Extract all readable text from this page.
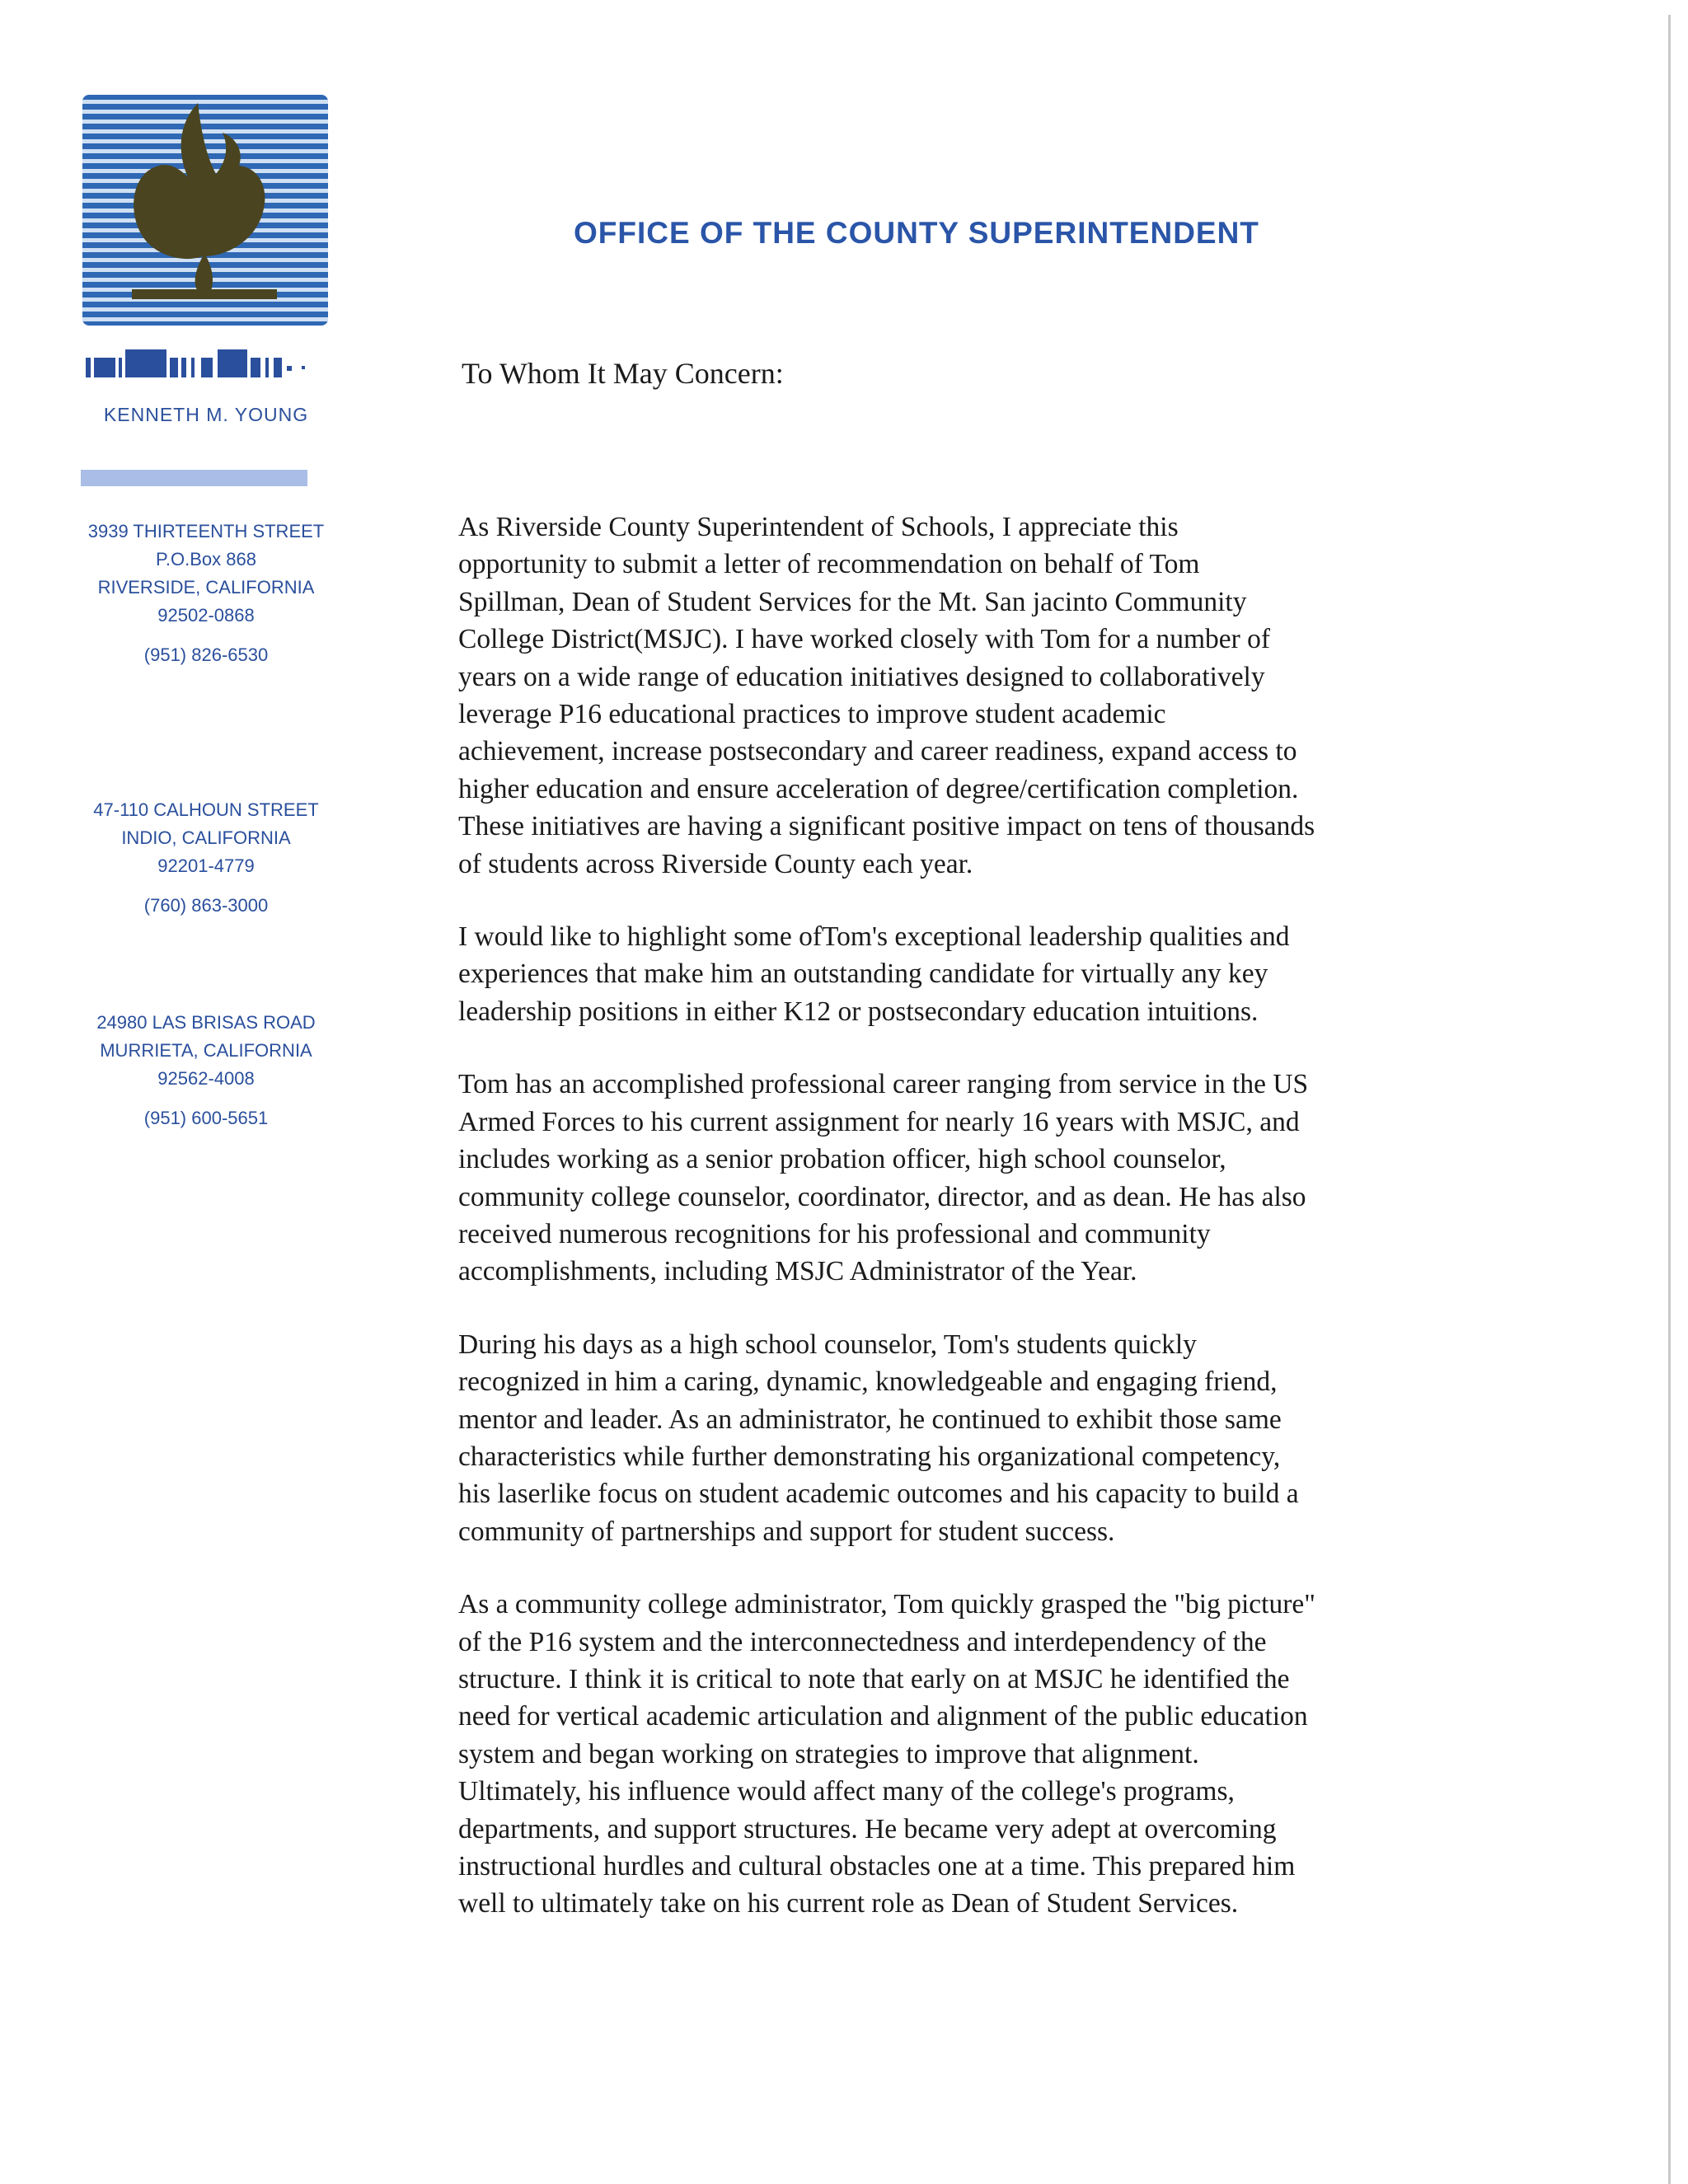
KENNETH M. YOUNG
3939 THIRTEENTH STREET
P.O.Box 868
RIVERSIDE, CALIFORNIA
92502-0868
(951) 826-6530
47-110 CALHOUN STREET
INDIO, CALIFORNIA
92201-4779
(760) 863-3000
24980 LAS BRISAS ROAD
MURRIETA, CALIFORNIA
92562-4008
(951) 600-5651
OFFICE OF THE COUNTY SUPERINTENDENT
To Whom It May Concern:

As Riverside County Superintendent of Schools, I appreciate this
opportunity to submit a letter of recommendation on behalf of Tom
Spillman, Dean of Student Services for the Mt. San jacinto Community
College District(MSJC). I have worked closely with Tom for a number of
years on a wide range of education initiatives designed to collaboratively
leverage P16 educational practices to improve student academic
achievement, increase postsecondary and career readiness, expand access to
higher education and ensure acceleration of degree/certification completion.
These initiatives are having a significant positive impact on tens of thousands
of students across Riverside County each year.

I would like to highlight some ofTom's exceptional leadership qualities and
experiences that make him an outstanding candidate for virtually any key
leadership positions in either K12 or postsecondary education intuitions.

Tom has an accomplished professional career ranging from service in the US
Armed Forces to his current assignment for nearly 16 years with MSJC, and
includes working as a senior probation officer, high school counselor,
community college counselor, coordinator, director, and as dean. He has also
received numerous recognitions for his professional and community
accomplishments, including MSJC Administrator of the Year.

During his days as a high school counselor, Tom's students quickly
recognized in him a caring, dynamic, knowledgeable and engaging friend,
mentor and leader. As an administrator, he continued to exhibit those same
characteristics while further demonstrating his organizational competency,
his laserlike focus on student academic outcomes and his capacity to build a
community of partnerships and support for student success.

As a community college administrator, Tom quickly grasped the "big picture"
of the P16 system and the interconnectedness and interdependency of the
structure. I think it is critical to note that early on at MSJC he identified the
need for vertical academic articulation and alignment of the public education
system and began working on strategies to improve that alignment.
Ultimately, his influence would affect many of the college's programs,
departments, and support structures. He became very adept at overcoming
instructional hurdles and cultural obstacles one at a time. This prepared him
well to ultimately take on his current role as Dean of Student Services.
